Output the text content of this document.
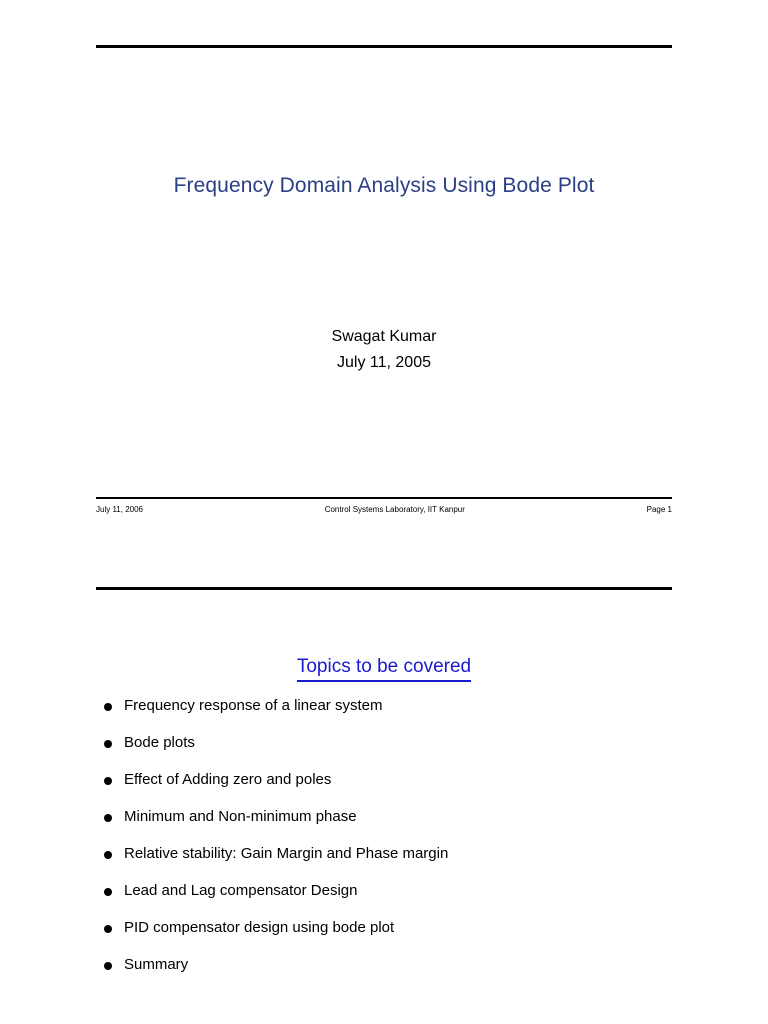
Frequency Domain Analysis Using Bode Plot
Swagat Kumar
July 11, 2005
July 11, 2006	Control Systems Laboratory, IIT Kanpur	Page 1
Topics to be covered
Frequency response of a linear system
Bode plots
Effect of Adding zero and poles
Minimum and Non-minimum phase
Relative stability: Gain Margin and Phase margin
Lead and Lag compensator Design
PID compensator design using bode plot
Summary
